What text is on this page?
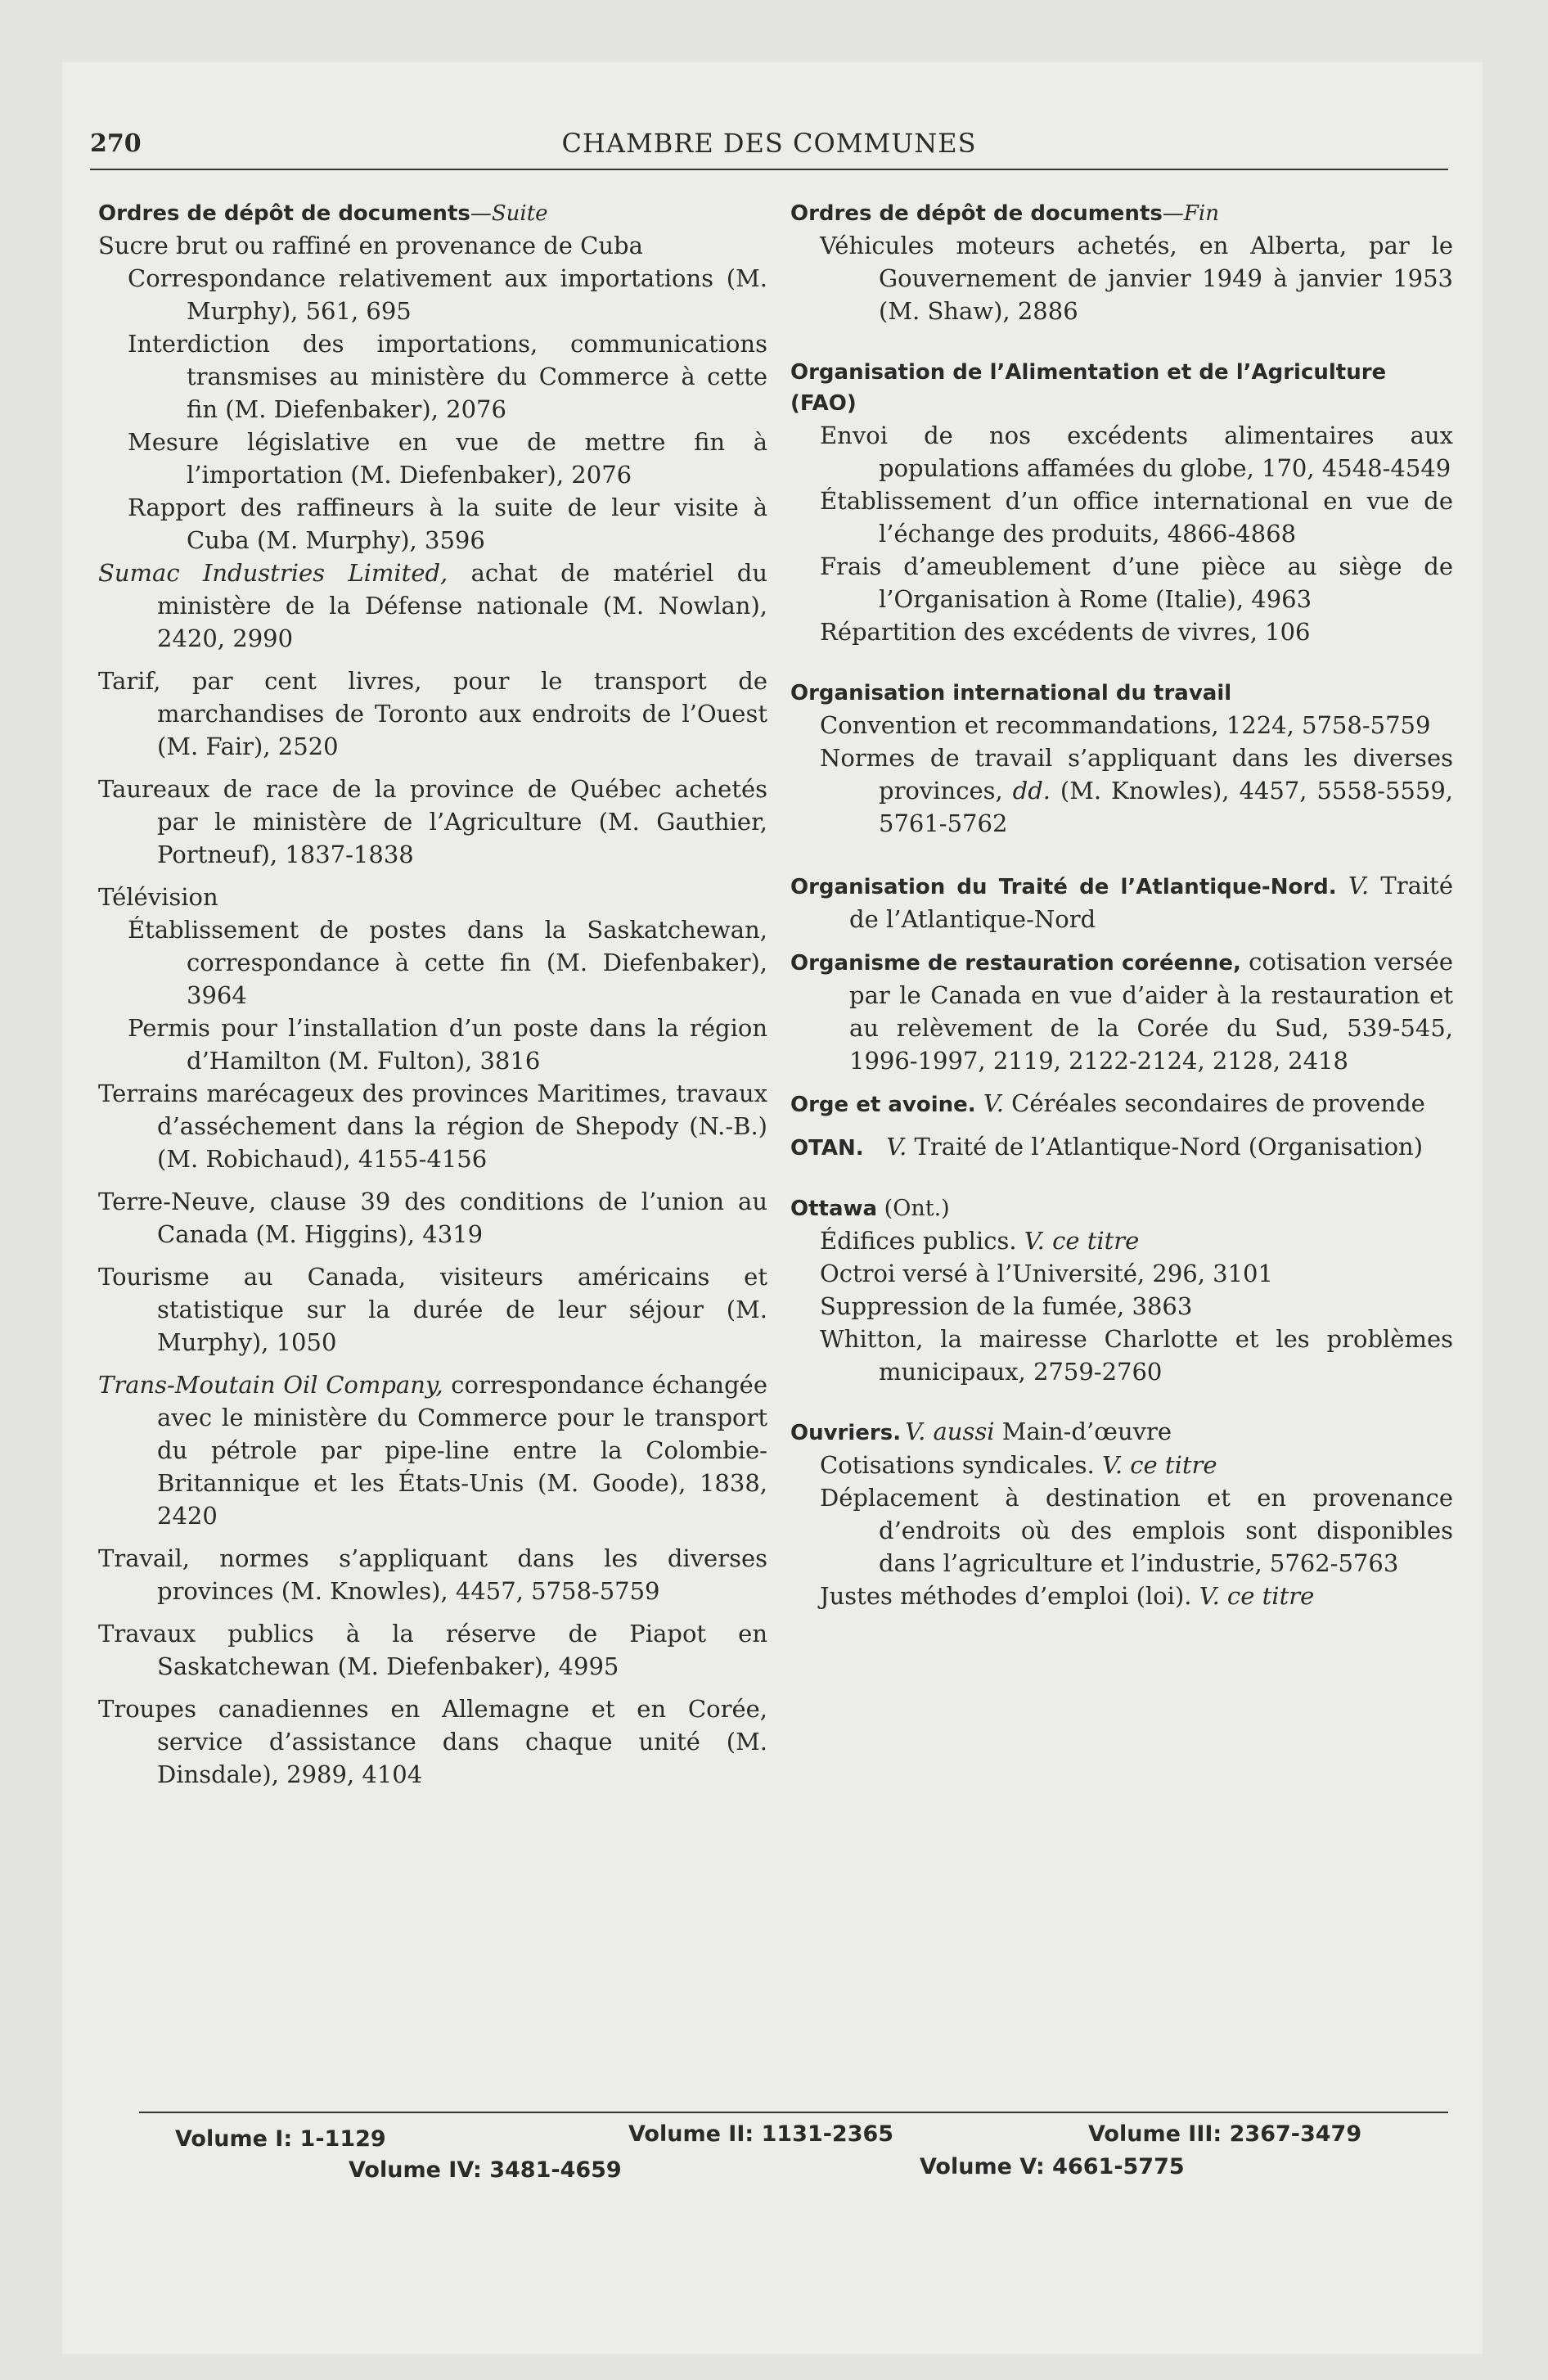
270	CHAMBRE DES COMMUNES
Ordres de dépôt de documents—Suite

Sucre brut ou raffiné en provenance de Cuba

Correspondance relativement aux importations (M. Murphy), 561, 695

Interdiction des importations, communications transmises au ministère du Commerce à cette fin (M. Diefenbaker), 2076

Mesure législative en vue de mettre fin à l’importation (M. Diefenbaker), 2076

Rapport des raffineurs à la suite de leur visite à Cuba (M. Murphy), 3596

Sumac Industries Limited, achat de matériel du ministère de la Défense nationale (M. Nowlan), 2420, 2990

Tarif, par cent livres, pour le transport de marchandises de Toronto aux endroits de l’Ouest (M. Fair), 2520

Taureaux de race de la province de Québec achetés par le ministère de l’Agriculture (M. Gauthier, Portneuf), 1837-1838

Télévision

Établissement de postes dans la Saskatchewan, correspondance à cette fin (M. Diefenbaker), 3964

Permis pour l’installation d’un poste dans la région d’Hamilton (M. Fulton), 3816

Terrains marécageux des provinces Maritimes, travaux d’asséchement dans la région de Shepody (N.-B.) (M. Robichaud), 4155-4156

Terre-Neuve, clause 39 des conditions de l’union au Canada (M. Higgins), 4319

Tourisme au Canada, visiteurs américains et statistique sur la durée de leur séjour (M. Murphy), 1050

Trans-Moutain Oil Company, correspondance échangée avec le ministère du Commerce pour le transport du pétrole par pipe-line entre la Colombie-Britannique et les États-Unis (M. Goode), 1838, 2420

Travail, normes s’appliquant dans les diverses provinces (M. Knowles), 4457, 5758-5759

Travaux publics à la réserve de Piapot en Saskatchewan (M. Diefenbaker), 4995

Troupes canadiennes en Allemagne et en Corée, service d’assistance dans chaque unité (M. Dinsdale), 2989, 4104

Ordres de dépôt de documents—Fin

Véhicules moteurs achetés, en Alberta, par le Gouvernement de janvier 1949 à janvier 1953 (M. Shaw), 2886

Organisation de l’Alimentation et de l’Agriculture (FAO)

Envoi de nos excédents alimentaires aux populations affamées du globe, 170, 4548-4549

Établissement d’un office international en vue de l’échange des produits, 4866-4868

Frais d’ameublement d’une pièce au siège de l’Organisation à Rome (Italie), 4963

Répartition des excédents de vivres, 106

Organisation international du travail

Convention et recommandations, 1224, 5758-5759

Normes de travail s’appliquant dans les diverses provinces, dd. (M. Knowles), 4457, 5558-5559, 5761-5762

Organisation du Traité de l’Atlantique-Nord. V. Traité de l’Atlantique-Nord

Organisme de restauration coréenne, cotisation versée par le Canada en vue d’aider à la restauration et au relèvement de la Corée du Sud, 539-545, 1996-1997, 2119, 2122-2124, 2128, 2418

Orge et avoine. V. Céréales secondaires de provende

OTAN. V. Traité de l’Atlantique-Nord (Organisation)

Ottawa (Ont.)

Édifices publics. V. ce titre

Octroi versé à l’Université, 296, 3101

Suppression de la fumée, 3863

Whitton, la mairesse Charlotte et les problèmes municipaux, 2759-2760

Ouvriers. V. aussi Main-d’œuvre

Cotisations syndicales. V. ce titre

Déplacement à destination et en provenance d’endroits où des emplois sont disponibles dans l’agriculture et l’industrie, 5762-5763

Justes méthodes d’emploi (loi). V. ce titre

Volume I: 1-1129	Volume II: 1131-2365	Volume III: 2367-3479
Volume IV: 3481-4659	Volume V: 4661-5775
